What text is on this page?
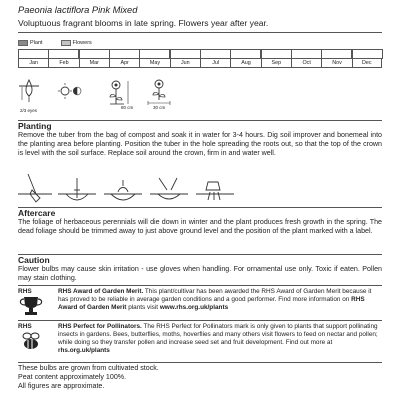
Paeonia lactiflora Pink Mixed
Voluptuous fragrant blooms in late spring. Flowers year after year.
Plant	Flowers
Jan	Feb	Mar	Apr	May	Jun	Jul	Aug	Sep	Oct	Nov	Dec
2/3 eyes
80 cm	30 cm
Planting
Remove the tuber from the bag of compost and soak it in water for 3-4 hours. Dig soil improver and bonemeal into the planting area before planting. Position the tuber in the hole spreading the roots out, so that the top of the crown is level with the soil surface. Replace soil around the crown, firm in and water well.
Aftercare
The foliage of herbaceous perennials will die down in winter and the plant produces fresh growth in the spring. The dead foliage should be trimmed away to just above ground level and the position of the plant marked with a label.
Caution
Flower bulbs may cause skin irritation - use gloves when handling. For ornamental use only. Toxic if eaten. Pollen may stain clothing.
RHS	RHS Award of Garden Merit. This plant/cultivar has been awarded the RHS Award of Garden Merit because it has proved to be reliable in average garden conditions and a good performer. Find more information on RHS Award of Garden Merit plants visit www.rhs.org.uk/plants
RHS	RHS Perfect for Pollinators. The RHS Perfect for Pollinators mark is only given to plants that support pollinating insects in gardens. Bees, butterflies, moths, hoverflies and many others visit flowers to feed on nectar and pollen; while doing so they transfer pollen and increase seed set and fruit development. Find out more at rhs.org.uk/plants
These bulbs are grown from cultivated stock.
Peat content approximately 100%.
All figures are approximate.
